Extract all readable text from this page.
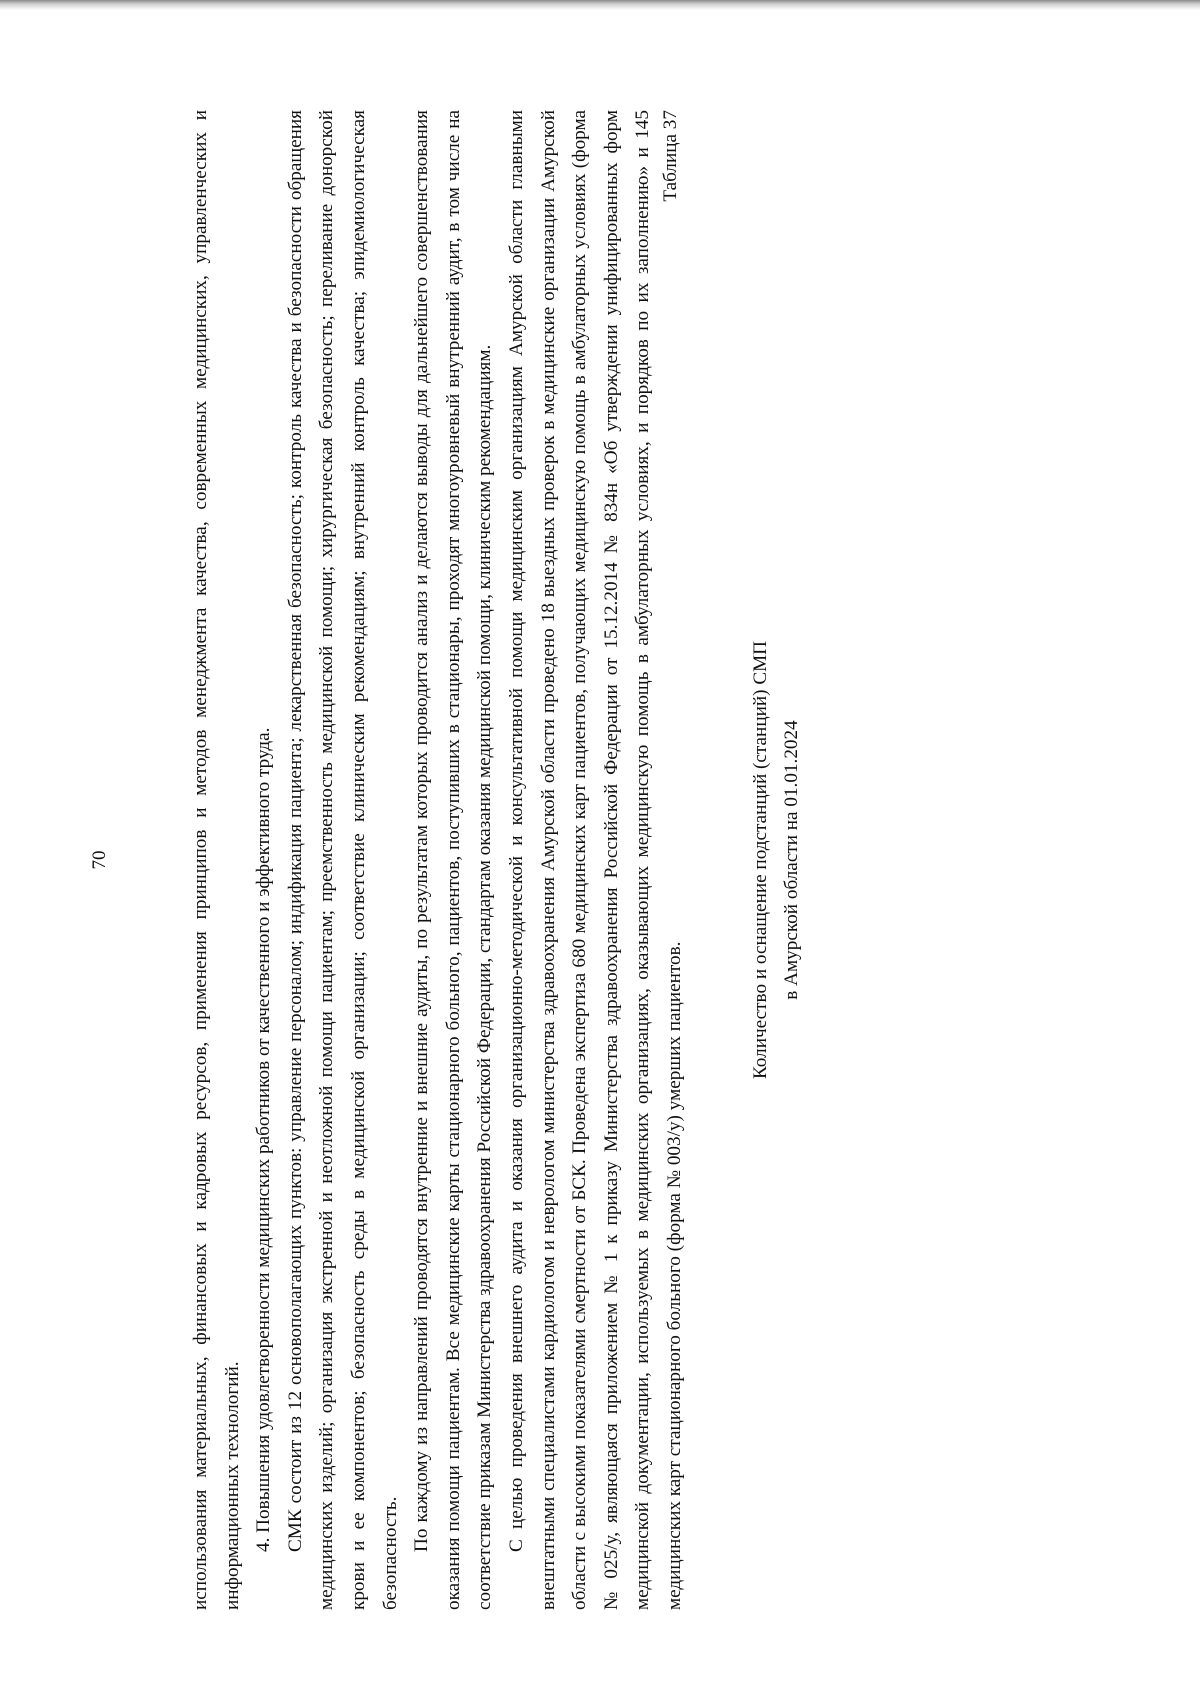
70	использования материальных, финансовых и кадровых ресурсов, применения принципов и методов менеджмента качества, современных медицинских, управленческих и информационных технологий. 4. Повышения удовлетворенности медицинских работников от качественного и эффективного труда. СМК состоит из 12 основополагающих пунктов: управление персоналом; индификация пациента; лекарственная безопасность; контроль качества и безопасности обращения медицинских изделий; организация экстренной и неотложной помощи пациентам; преемственность медицинской помощи; хирургическая безопасность; переливание донорской крови и ее компонентов; безопасность среды в медицинской организации; соответствие клиническим рекомендациям; внутренний контроль качества; эпидемиологическая безопасность.

По каждому из направлений проводятся внутренние и внешние аудиты, по результатам которых проводится анализ и делаются выводы для дальнейшего совершенствования оказания помощи пациентам. Все медицинские карты стационарного больного, пациентов, поступивших в стационары, проходят многоуровневый внутренний аудит, в том числе на соответствие приказам Министерства здравоохранения Российской Федерации, стандартам оказания медицинской помощи, клиническим рекомендациям. С целью проведения внешнего аудита и оказания организационно-методической и консультативной помощи медицинским организациям Амурской области главными внештатными специалистами кардиологом и неврологом министерства здравоохранения Амурской области проведено 18 выездных проверок в медицинские организации Амурской области с высокими показателями смертности от БСК. Проведена экспертиза 680 медицинских карт пациентов, получающих медицинскую помощь в амбулаторных условиях (форма № 025/у, являющаяся приложением № 1 к приказу Министерства здравоохранения Российской Федерации от 15.12.2014 № 834н «Об утверждении унифицированных форм медицинской документации, используемых в медицинских организациях, оказывающих медицинскую помощь в амбулаторных условиях, и порядков по их заполнению» и 145 медицинских карт стационарного больного (форма № 003/у) умерших пациентов.

Таблица 37
Количество и оснащение подстанций (станций) СМП в Амурской области на 01.01.2024
